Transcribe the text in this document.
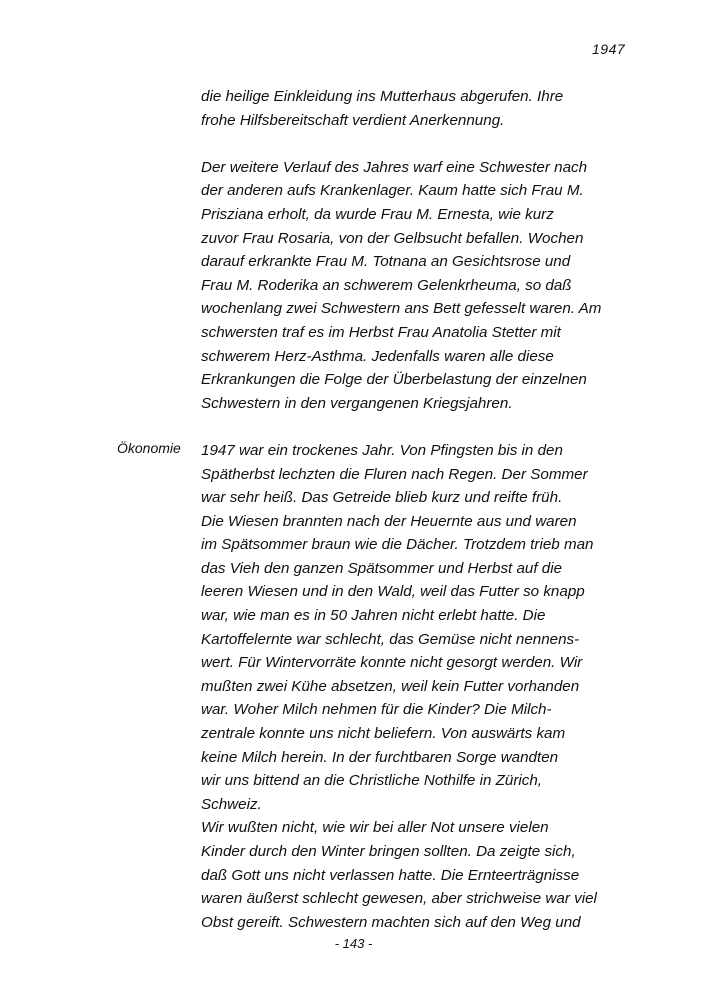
1947
Ökonomie
die heilige Einkleidung ins Mutterhaus abgerufen. Ihre
frohe Hilfsbereitschaft verdient Anerkennung.
Der weitere Verlauf des Jahres warf eine Schwester nach
der anderen aufs Krankenlager. Kaum hatte sich Frau M.
Prisziana erholt, da wurde Frau M. Ernesta, wie kurz
zuvor Frau Rosaria, von der Gelbsucht befallen. Wochen
darauf erkrankte Frau M. Totnana an Gesichtsrose und
Frau M. Roderika an schwerem Gelenkrheuma, so daß
wochenlang zwei Schwestern ans Bett gefesselt waren. Am
schwersten traf es im Herbst Frau Anatolia Stetter mit
schwerem Herz-Asthma. Jedenfalls waren alle diese
Erkrankungen die Folge der Überbelastung der einzelnen
Schwestern in den vergangenen Kriegsjahren.
1947 war ein trockenes Jahr. Von Pfingsten bis in den
Spätherbst lechzten die Fluren nach Regen. Der Sommer
war sehr heiß. Das Getreide blieb kurz und reifte früh.
Die Wiesen brannten nach der Heuernte aus und waren
im Spätsommer braun wie die Dächer. Trotzdem trieb man
das Vieh den ganzen Spätsommer und Herbst auf die
leeren Wiesen und in den Wald, weil das Futter so knapp
war, wie man es in 50 Jahren nicht erlebt hatte. Die
Kartoffelernte war schlecht, das Gemüse nicht nennens-
wert. Für Wintervorräte konnte nicht gesorgt werden. Wir
mußten zwei Kühe absetzen, weil kein Futter vorhanden
war. Woher Milch nehmen für die Kinder? Die Milch-
zentrale konnte uns nicht beliefern. Von auswärts kam
keine Milch herein. In der furchtbaren Sorge wandten
wir uns bittend an die Christliche Nothilfe in Zürich,
Schweiz.
Wir wußten nicht, wie wir bei aller Not unsere vielen
Kinder durch den Winter bringen sollten. Da zeigte sich,
daß Gott uns nicht verlassen hatte. Die Ernteerträgnisse
waren äußerst schlecht gewesen, aber strichweise war viel
Obst gereift. Schwestern machten sich auf den Weg und
- 143 -
